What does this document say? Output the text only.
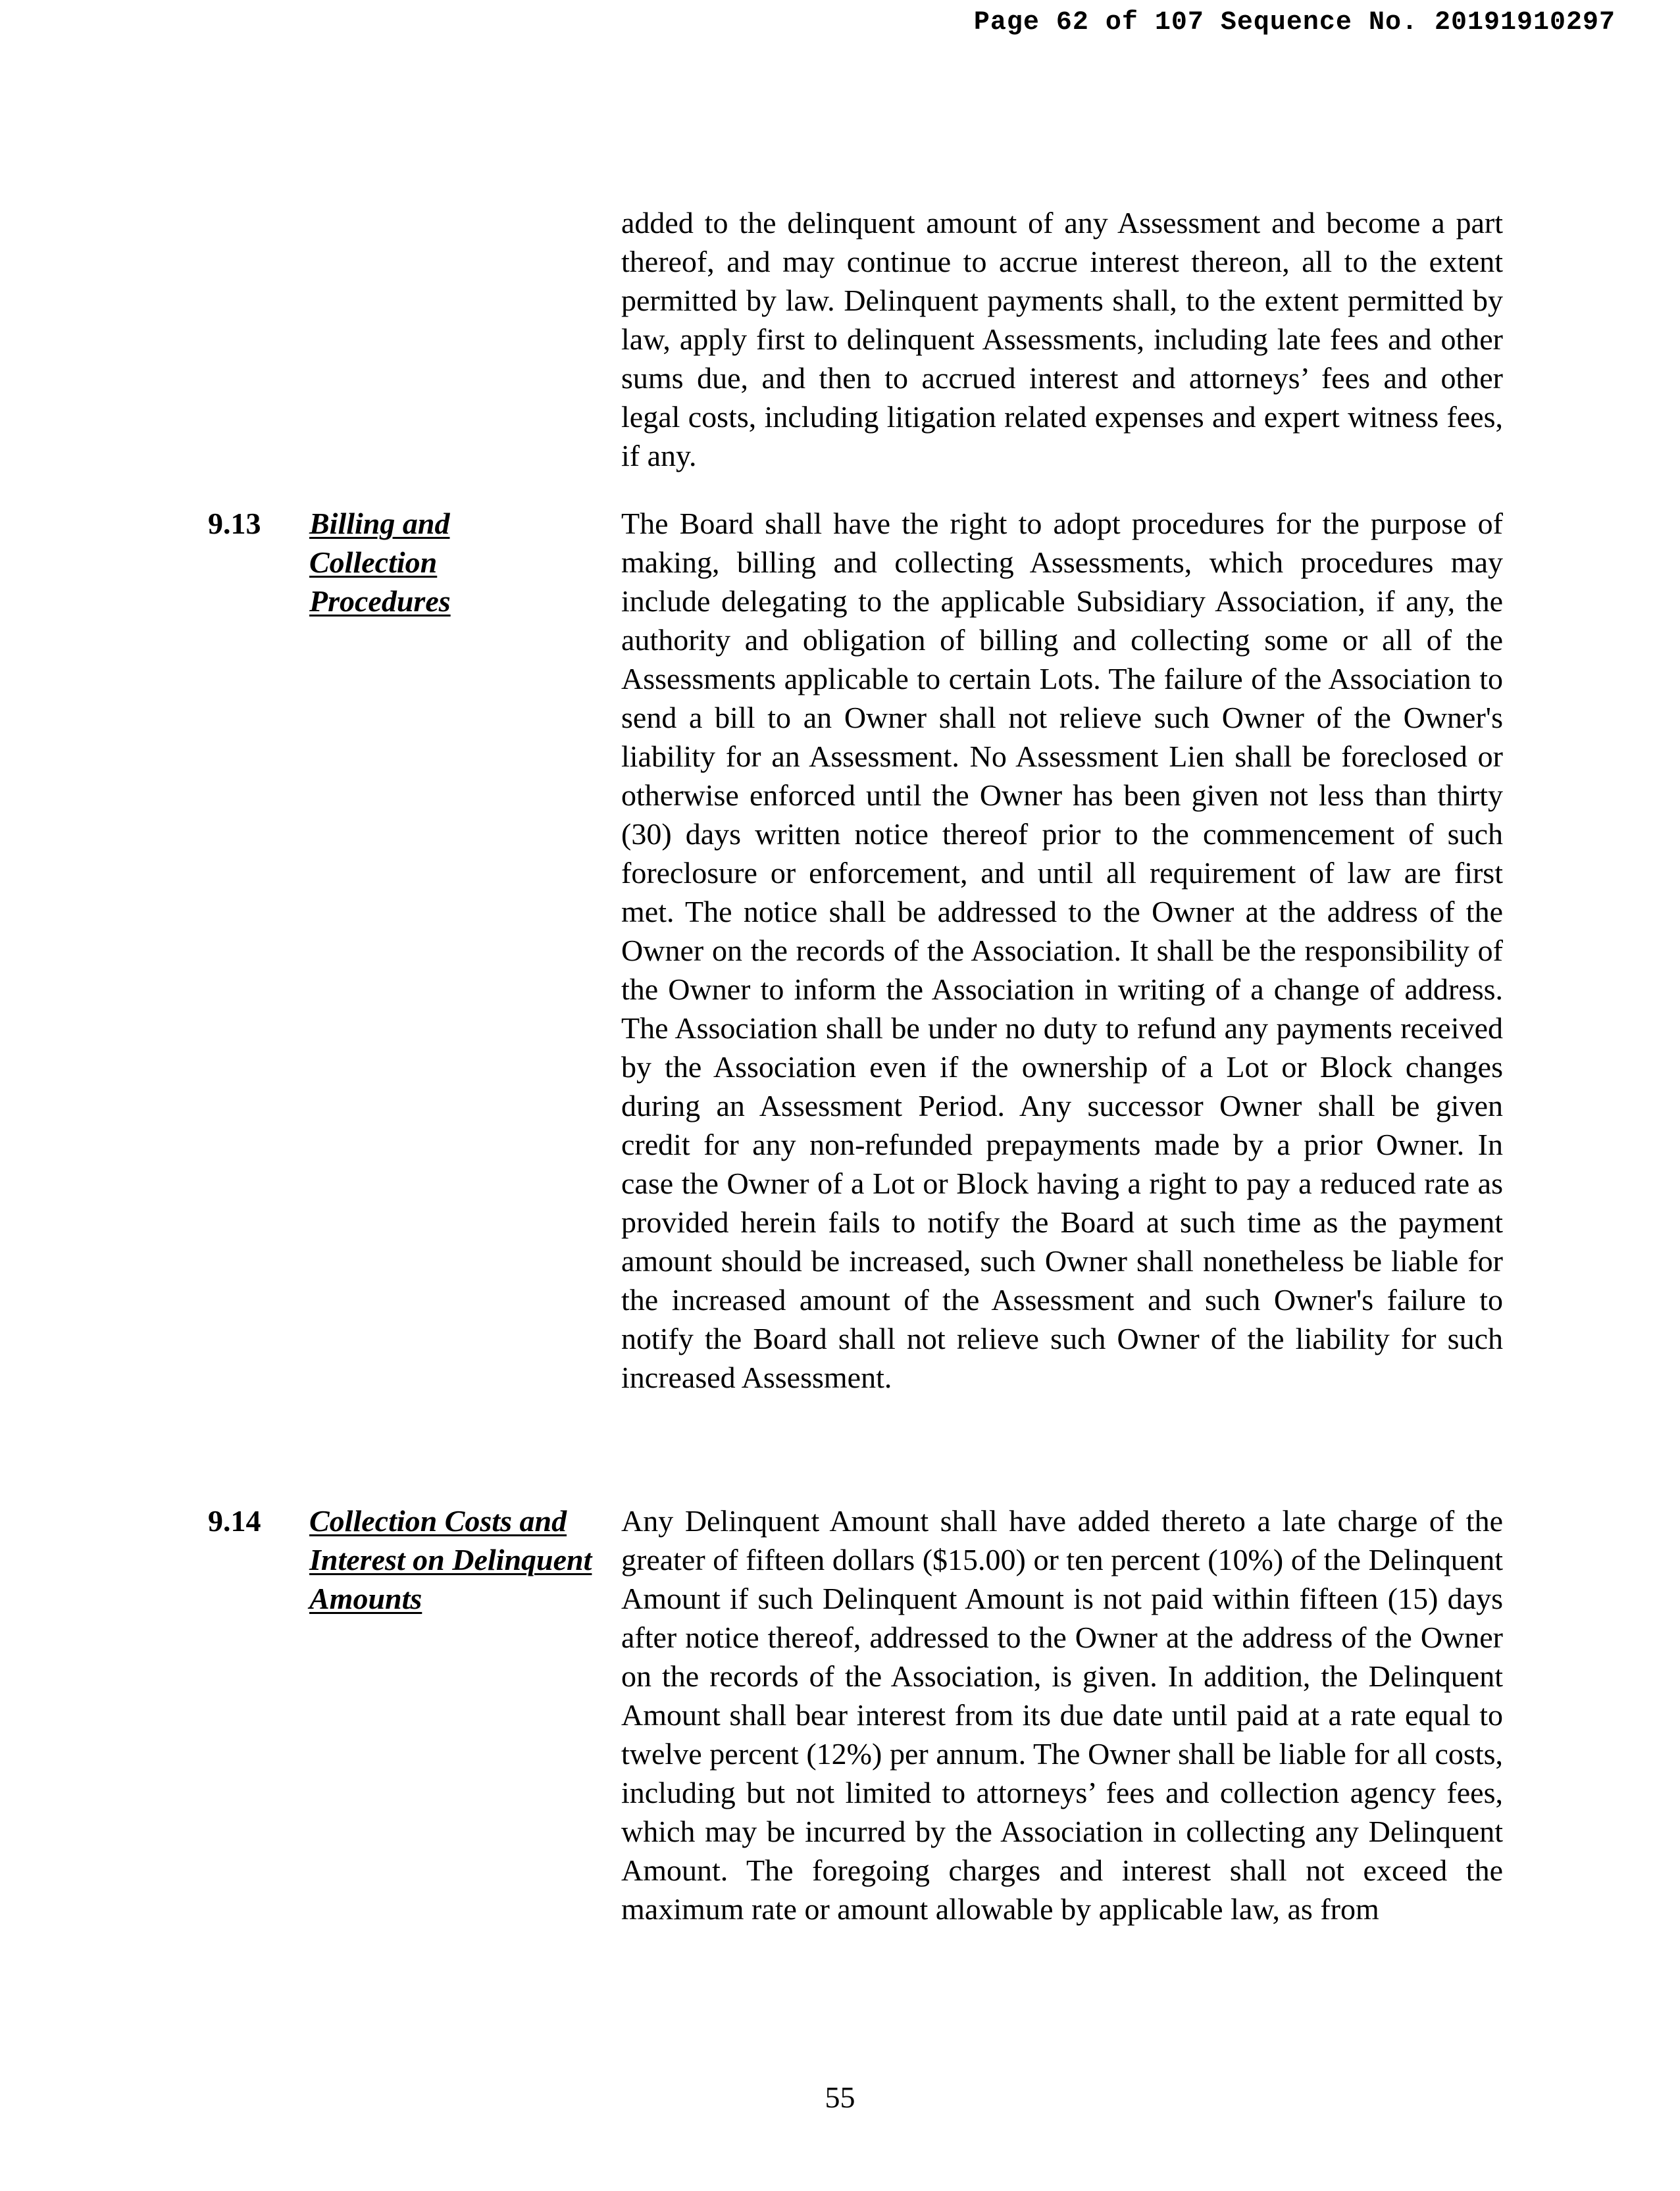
Page 62 of 107 Sequence No. 20191910297

added to the delinquent amount of any Assessment and become a part thereof, and may continue to accrue interest thereon, all to the extent permitted by law. Delinquent payments shall, to the extent permitted by law, apply first to delinquent Assessments, including late fees and other sums due, and then to accrued interest and attorneys’ fees and other legal costs, including litigation related expenses and expert witness fees, if any.

9.13 Billing and Collection Procedures

The Board shall have the right to adopt procedures for the purpose of making, billing and collecting Assessments, which procedures may include delegating to the applicable Subsidiary Association, if any, the authority and obligation of billing and collecting some or all of the Assessments applicable to certain Lots. The failure of the Association to send a bill to an Owner shall not relieve such Owner of the Owner's liability for an Assessment. No Assessment Lien shall be foreclosed or otherwise enforced until the Owner has been given not less than thirty (30) days written notice thereof prior to the commencement of such foreclosure or enforcement, and until all requirement of law are first met. The notice shall be addressed to the Owner at the address of the Owner on the records of the Association. It shall be the responsibility of the Owner to inform the Association in writing of a change of address. The Association shall be under no duty to refund any payments received by the Association even if the ownership of a Lot or Block changes during an Assessment Period. Any successor Owner shall be given credit for any non-refunded prepayments made by a prior Owner. In case the Owner of a Lot or Block having a right to pay a reduced rate as provided herein fails to notify the Board at such time as the payment amount should be increased, such Owner shall nonetheless be liable for the increased amount of the Assessment and such Owner's failure to notify the Board shall not relieve such Owner of the liability for such increased Assessment.

9.14 Collection Costs and Interest on Delinquent Amounts

Any Delinquent Amount shall have added thereto a late charge of the greater of fifteen dollars ($15.00) or ten percent (10%) of the Delinquent Amount if such Delinquent Amount is not paid within fifteen (15) days after notice thereof, addressed to the Owner at the address of the Owner on the records of the Association, is given. In addition, the Delinquent Amount shall bear interest from its due date until paid at a rate equal to twelve percent (12%) per annum. The Owner shall be liable for all costs, including but not limited to attorneys’ fees and collection agency fees, which may be incurred by the Association in collecting any Delinquent Amount. The foregoing charges and interest shall not exceed the maximum rate or amount allowable by applicable law, as from

55
